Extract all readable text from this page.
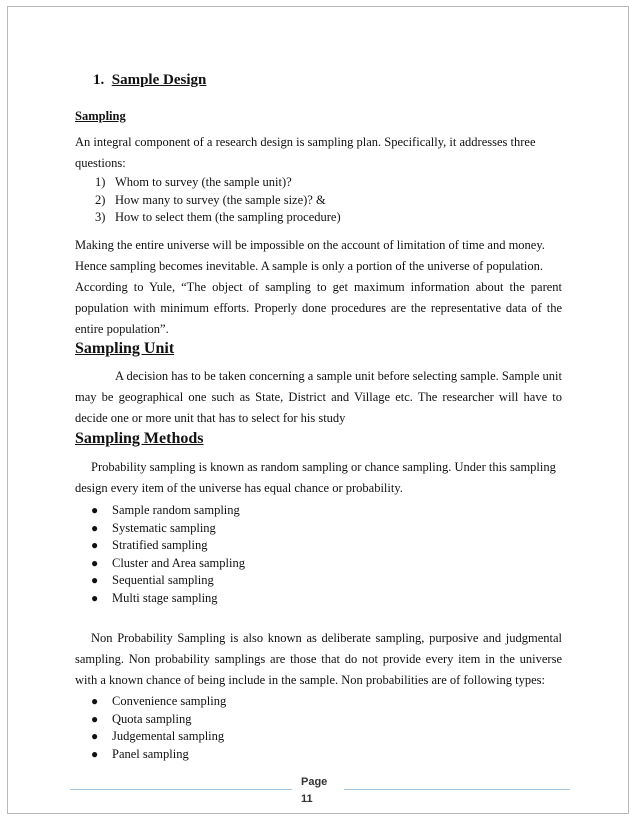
1. Sample Design

Sampling

An integral component of a research design is sampling plan. Specifically, it addresses three questions:

1) Whom to survey (the sample unit)?
2) How many to survey (the sample size)? &
3) How to select them (the sampling procedure)

Making the entire universe will be impossible on the account of limitation of time and money. Hence sampling becomes inevitable. A sample is only a portion of the universe of population.

According to Yule, “The object of sampling to get maximum information about the parent population with minimum efforts. Properly done procedures are the representative data of the entire population”.

Sampling Unit

A decision has to be taken concerning a sample unit before selecting sample. Sample unit may be geographical one such as State, District and Village etc. The researcher will have to decide one or more unit that has to select for his study

Sampling Methods

Probability sampling is known as random sampling or chance sampling. Under this sampling design every item of the universe has equal chance or probability.

● Sample random sampling
● Systematic sampling
● Stratified sampling
● Cluster and Area sampling
● Sequential sampling
● Multi stage sampling

Non Probability Sampling is also known as deliberate sampling, purposive and judgmental sampling. Non probability samplings are those that do not provide every item in the universe with a known chance of being include in the sample. Non probabilities are of following types:

● Convenience sampling
● Quota sampling
● Judgemental sampling
● Panel sampling
Page
11
